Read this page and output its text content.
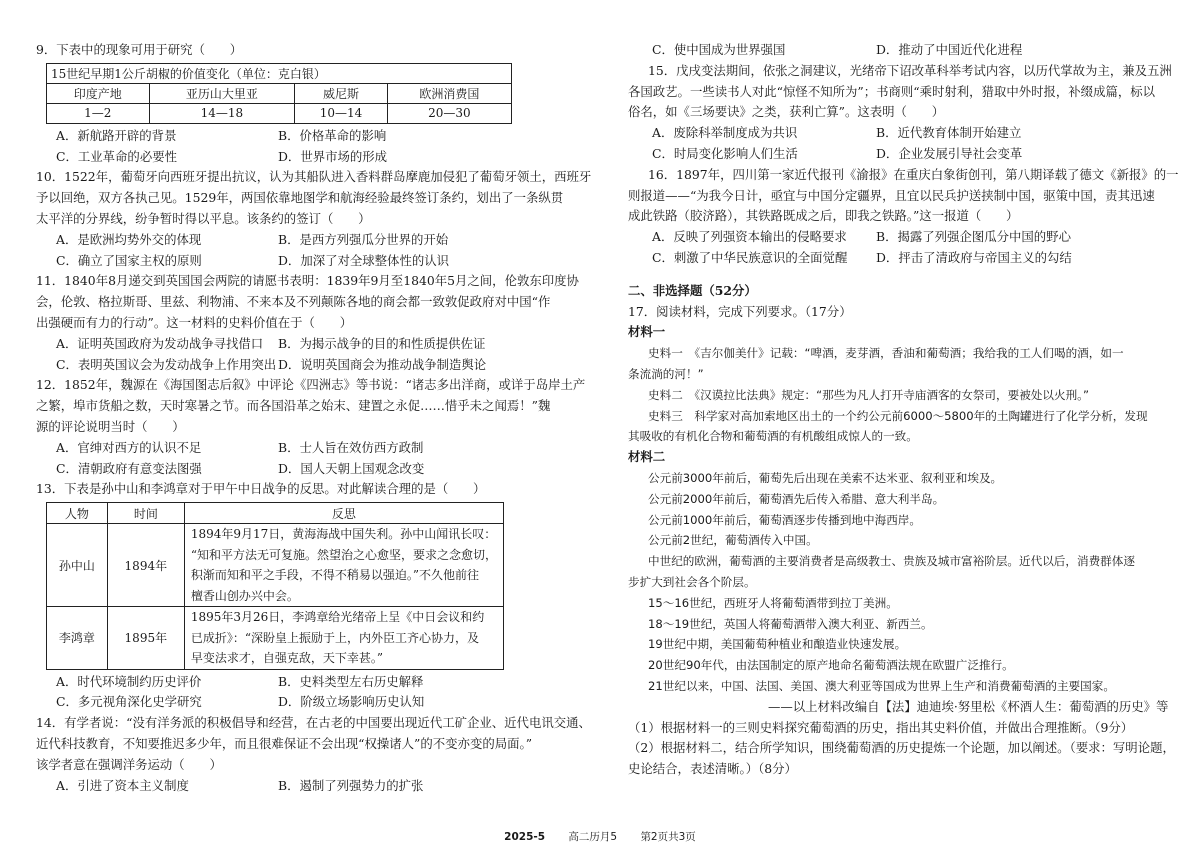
9．下表中的现象可用于研究（　　）
15世纪早期1公斤胡椒的价值变化（单位：克白银）			
印度产地	亚历山大里亚	威尼斯	欧洲消费国
1—2	14—18	10—14	20—30
A．新航路开辟的背景	B．价格革命的影响
C．工业革命的必要性	D．世界市场的形成
10．1522年，葡萄牙向西班牙提出抗议，认为其船队进入香料群岛摩鹿加侵犯了葡萄牙领土，西班牙
予以回绝，双方各执己见。1529年，两国依靠地图学和航海经验最终签订条约，划出了一条纵贯
太平洋的分界线，纷争暂时得以平息。该条约的签订（　　）
A．是欧洲均势外交的体现	B．是西方列强瓜分世界的开始
C．确立了国家主权的原则	D．加深了对全球整体性的认识
11．1840年8月递交到英国国会两院的请愿书表明：1839年9月至1840年5月之间，伦敦东印度协
会，伦敦、格拉斯哥、里兹、利物浦、不来本及不列颠陈各地的商会都一致敦促政府对中国“作
出强硬而有力的行动”。这一材料的史料价值在于（　　）
A．证明英国政府为发动战争寻找借口	B．为揭示战争的目的和性质提供佐证
C．表明英国议会为发动战争上作用突出 D．说明英国商会为推动战争制造舆论
12．1852年，魏源在《海国图志后叙》中评论《四洲志》等书说：“诸志多出洋商，或详于岛岸土产
之繁，埠市货船之数，天时寒暑之节。而各国沿革之始末、建置之永促……惜乎未之闻焉！”魏
源的评论说明当时（　　）
A．官绅对西方的认识不足	B．士人旨在效仿西方政制
C．清朝政府有意变法图强	D．国人天朝上国观念改变
13．下表是孙中山和李鸿章对于甲午中日战争的反思。对此解读合理的是（　　）
人物	时间	反思
孙中山	1894年	1894年9月17日，黄海海战中国失利。孙中山闻讯长叹：
“知和平方法无可复施。然望治之心愈坚，要求之念愈切，
积渐而知和平之手段，不得不稍易以强迫。”不久他前往
檀香山创办兴中会。

李鸿章	1895年	1895年3月26日，李鸿章给光绪帝上呈《中日会议和约
已成折》：“深盼皇上振励于上，内外臣工齐心协力，及
早变法求才，自强克敌，天下幸甚。”
A．时代环境制约历史评价	B．史料类型左右历史解释
C．多元视角深化史学研究	D．阶级立场影响历史认知
14．有学者说：“没有洋务派的积极倡导和经营，在古老的中国要出现近代工矿企业、近代电讯交通、
近代科技教育，不知要推迟多少年，而且很难保证不会出现“权操诸人”的不变亦变的局面。”
该学者意在强调洋务运动（　　）
A．引进了资本主义制度	B．遏制了列强势力的扩张
C．使中国成为世界强国	D．推动了中国近代化进程
15．戊戌变法期间，依张之洞建议，光绪帝下诏改革科举考试内容，以历代掌故为主，兼及五洲
各国政艺。一些读书人对此“惊怪不知所为”；书商则“乘时射利，猎取中外时报，补缀成篇，标以
俗名，如《三场要诀》之类，获利亡算”。这表明（　　）
A．废除科举制度成为共识	B．近代教育体制开始建立
C．时局变化影响人们生活	D．企业发展引导社会变革
16．1897年，四川第一家近代报刊《渝报》在重庆白象街创刊，第八期译载了德文《新报》的一
则报道——“为我今日计，亟宜与中国分定疆界，且宜以民兵护送挟制中国，驱策中国，责其迅速
成此铁路（胶济路），其铁路既成之后，即我之铁路。”这一报道（　　）
A．反映了列强资本输出的侵略要求	B．揭露了列强企图瓜分中国的野心
C．刺激了中华民族意识的全面觉醒	D．抨击了清政府与帝国主义的勾结
二、非选择题（52分）
17．阅读材料，完成下列要求。（17分）
材料一
史料一　《吉尔伽美什》记载：“啤酒，麦芽酒，香油和葡萄酒；我给我的工人们喝的酒，如一
条流淌的河！”
史料二　《汉谟拉比法典》规定：“那些为凡人打开寺庙酒客的女祭司，要被处以火刑。”
史料三　科学家对高加索地区出土的一个约公元前6000～5800年的土陶罐进行了化学分析，发现
其吸收的有机化合物和葡萄酒的有机酸组成惊人的一致。
材料二
公元前3000年前后，葡萄先后出现在美索不达米亚、叙利亚和埃及。
公元前2000年前后，葡萄酒先后传入希腊、意大利半岛。
公元前1000年前后，葡萄酒逐步传播到地中海西岸。
公元前2世纪，葡萄酒传入中国。
中世纪的欧洲，葡萄酒的主要消费者是高级教士、贵族及城市富裕阶层。近代以后，消费群体逐
步扩大到社会各个阶层。
15～16世纪，西班牙人将葡萄酒带到拉丁美洲。
18～19世纪，英国人将葡萄酒带入澳大利亚、新西兰。
19世纪中期，美国葡萄种植业和酿造业快速发展。
20世纪90年代，由法国制定的原产地命名葡萄酒法规在欧盟广泛推行。
21世纪以来，中国、法国、美国、澳大利亚等国成为世界上生产和消费葡萄酒的主要国家。
——以上材料改编自【法】迪迪埃·努里松《杯酒人生：葡萄酒的历史》等
（1）根据材料一的三则史料探究葡萄酒的历史，指出其史料价值，并做出合理推断。（9分）
（2）根据材料二，结合所学知识，围绕葡萄酒的历史提炼一个论题，加以阐述。（要求：写明论题，
史论结合，表述清晰。）（8分）
2025-5 高二历月5 第2页共3页
